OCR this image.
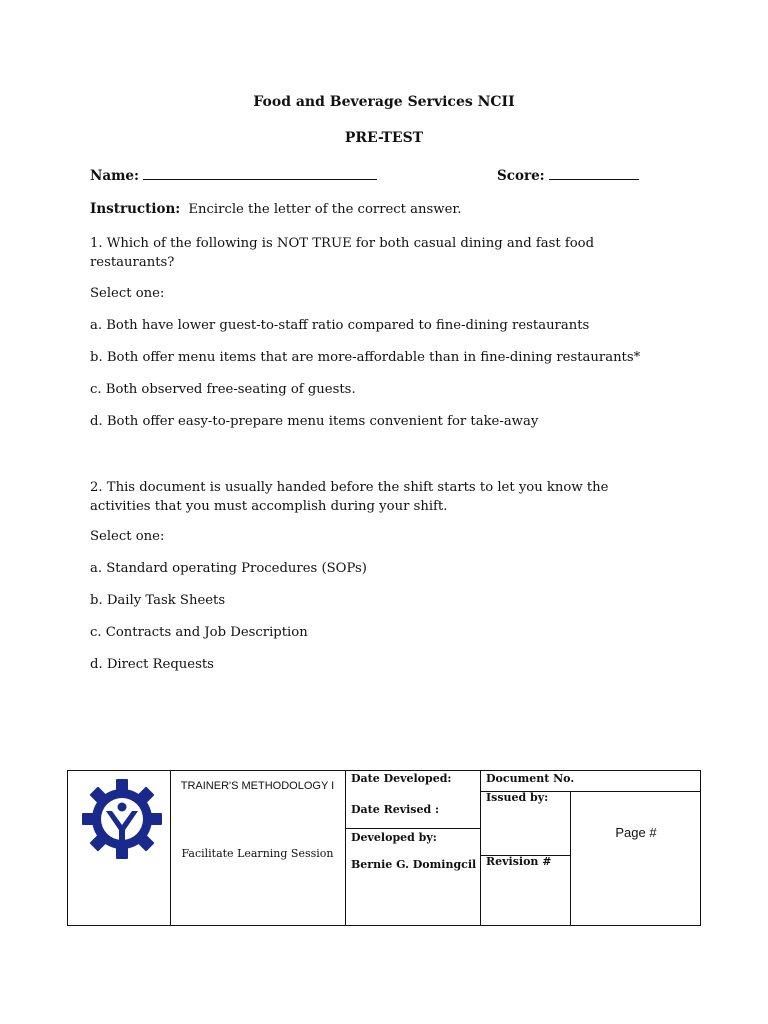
Food and Beverage Services NCII
PRE-TEST
Name:	Score:
Instruction: Encircle the letter of the correct answer.
1. Which of the following is NOT TRUE for both casual dining and fast food restaurants?
Select one:
a. Both have lower guest-to-staff ratio compared to fine-dining restaurants
b. Both offer menu items that are more-affordable than in fine-dining restaurants*
c. Both observed free-seating of guests.
d. Both offer easy-to-prepare menu items convenient for take-away
2. This document is usually handed before the shift starts to let you know the activities that you must accomplish during your shift.
Select one:
a. Standard operating Procedures (SOPs)
b. Daily Task Sheets
c. Contracts and Job Description
d. Direct Requests
TRAINER'S METHODOLOGY I
Facilitate Learning Session
Date Developed:
Date Revised :
Developed by:
Bernie G. Domingcil
Document No.
Issued by:
Revision #
Page #
